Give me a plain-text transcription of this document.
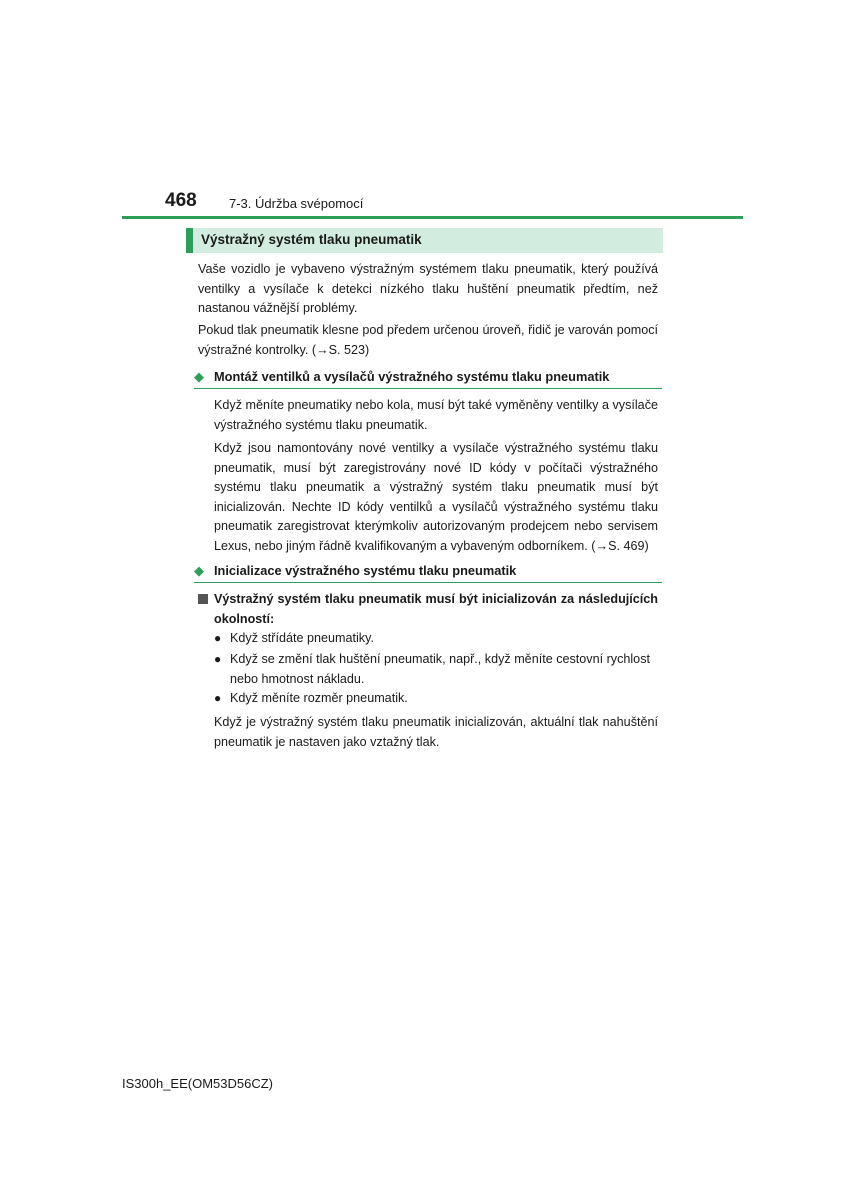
468 7-3. Údržba svépomocí
Výstražný systém tlaku pneumatik

Vaše vozidlo je vybaveno výstražným systémem tlaku pneumatik, který používá ventilky a vysílače k detekci nízkého tlaku huštění pneumatik předtím, než nastanou vážnější problémy.

Pokud tlak pneumatik klesne pod předem určenou úroveň, řidič je varován pomocí výstražné kontrolky. (→S. 523)

◆ Montáž ventilků a vysílačů výstražného systému tlaku pneumatik

Když měníte pneumatiky nebo kola, musí být také vyměněny ventilky a vysílače výstražného systému tlaku pneumatik.

Když jsou namontovány nové ventilky a vysílače výstražného systému tlaku pneumatik, musí být zaregistrovány nové ID kódy v počítači výstražného systému tlaku pneumatik a výstražný systém tlaku pneumatik musí být inicializován. Nechte ID kódy ventilků a vysílačů výstražného systému tlaku pneumatik zaregistrovat kterýmkoliv autorizovaným prodejcem nebo servisem Lexus, nebo jiným řádně kvalifikovaným a vybaveným odborníkem. (→S. 469)

◆ Inicializace výstražného systému tlaku pneumatik
Výstražný systém tlaku pneumatik musí být inicializován za následujících okolností:
● Když střídáte pneumatiky.
● Když se změní tlak huštění pneumatik, např., když měníte cestovní rychlost nebo hmotnost nákladu.
● Když měníte rozměr pneumatik.

Když je výstražný systém tlaku pneumatik inicializován, aktuální tlak nahuštění pneumatik je nastaven jako vztažný tlak.

IS300h_EE(OM53D56CZ)
